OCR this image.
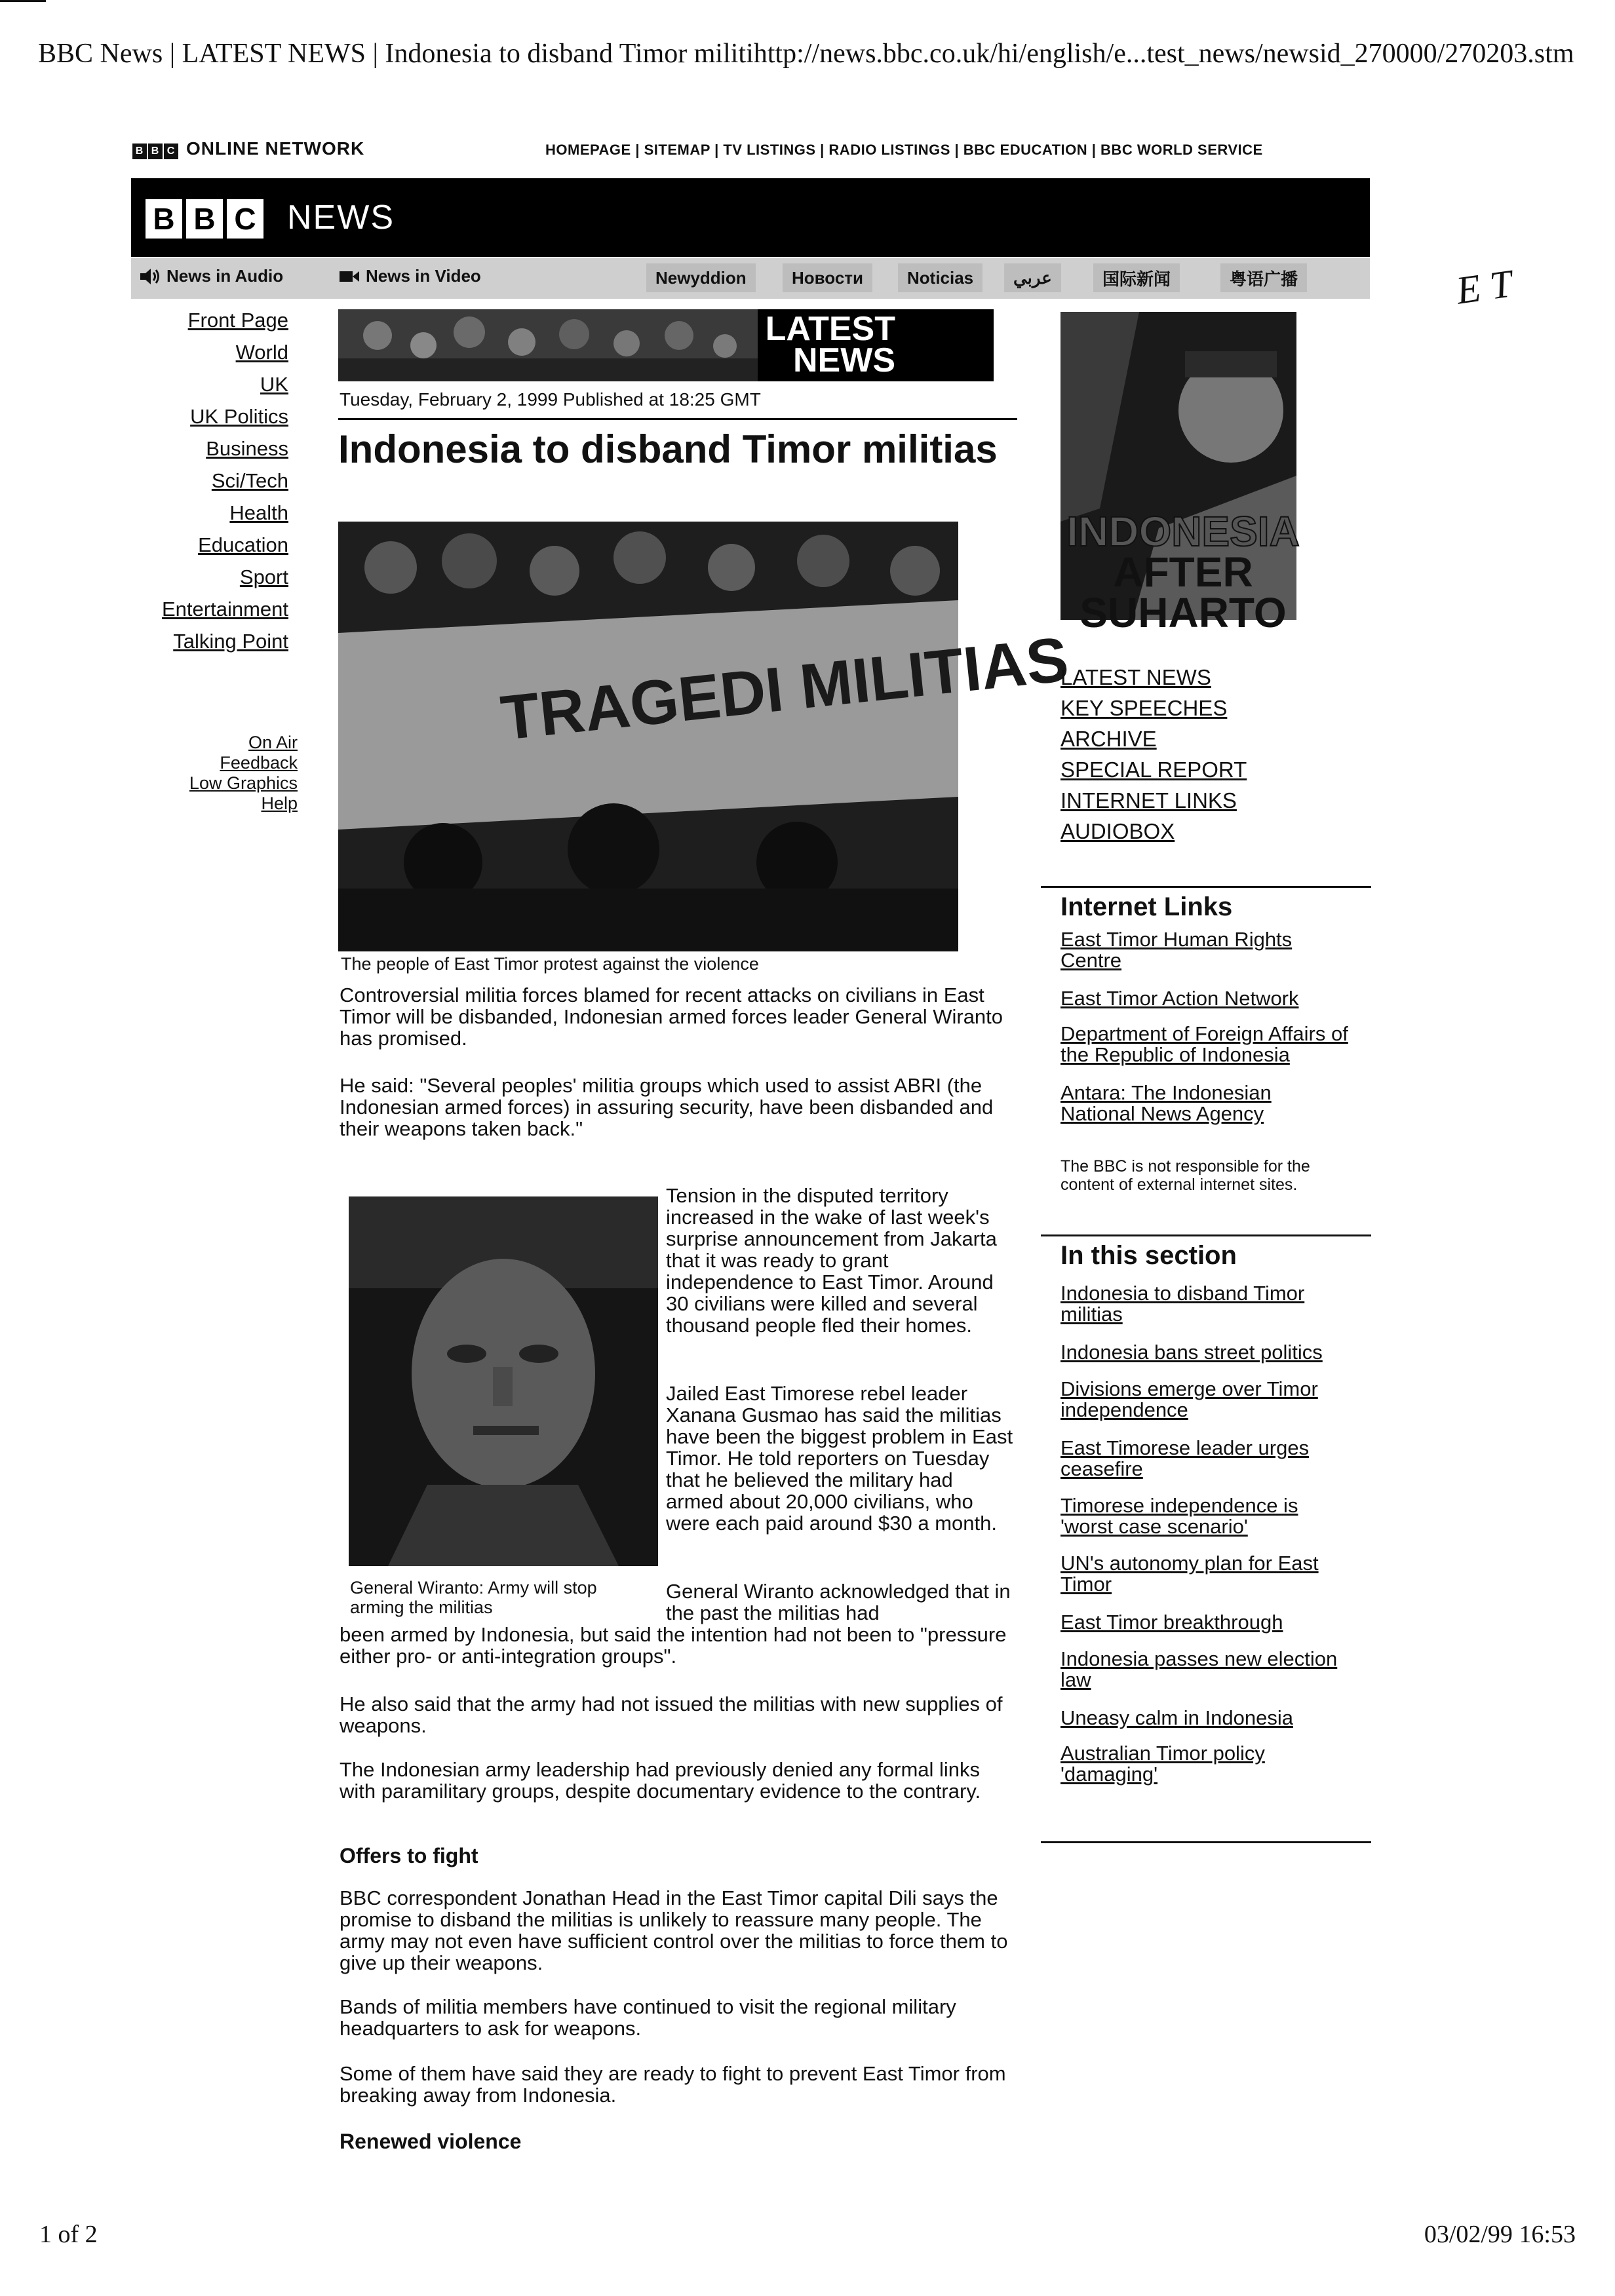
BBC News | LATEST NEWS | Indonesia to disband Timor militihttp://news.bbc.co.uk/hi/english/e...test_news/newsid_270000/270203.stm
E T
B B C ONLINE NETWORK	HOMEPAGE | SITEMAP | TV LISTINGS | RADIO LISTINGS | BBC EDUCATION | BBC WORLD SERVICE
B B C NEWS
News in Audio	News in Video	Newyddion	Новости	Noticias	عربي	国际新闻	粤语广播
Front Page
World
UK
UK Politics
Business
Sci/Tech
Health
Education
Sport
Entertainment
Talking Point
On Air
Feedback
Low Graphics
Help
LATEST
NEWS
Tuesday, February 2, 1999 Published at 18:25 GMT
Indonesia to disband Timor militias
TRAGEDI MILITIAS
The people of East Timor protest against the violence
Controversial militia forces blamed for recent attacks on civilians in East Timor will be disbanded, Indonesian armed forces leader General Wiranto has promised.
He said: "Several peoples' militia groups which used to assist ABRI (the Indonesian armed forces) in assuring security, have been disbanded and their weapons taken back."
General Wiranto: Army will stop arming the militias
Tension in the disputed territory increased in the wake of last week's surprise announcement from Jakarta that it was ready to grant independence to East Timor. Around 30 civilians were killed and several thousand people fled their homes.
Jailed East Timorese rebel leader Xanana Gusmao has said the militias have been the biggest problem in East Timor. He told reporters on Tuesday that he believed the military had armed about 20,000 civilians, who were each paid around $30 a month.
General Wiranto acknowledged that in the past the militias had
been armed by Indonesia, but said the intention had not been to "pressure either pro- or anti-integration groups".
He also said that the army had not issued the militias with new supplies of weapons.
The Indonesian army leadership had previously denied any formal links with paramilitary groups, despite documentary evidence to the contrary.
Offers to fight
BBC correspondent Jonathan Head in the East Timor capital Dili says the promise to disband the militias is unlikely to reassure many people. The army may not even have sufficient control over the militias to force them to give up their weapons.
Bands of militia members have continued to visit the regional military headquarters to ask for weapons.
Some of them have said they are ready to fight to prevent East Timor from breaking away from Indonesia.
Renewed violence
INDONESIA
AFTER
SUHARTO
LATEST NEWS
KEY SPEECHES
ARCHIVE
SPECIAL REPORT
INTERNET LINKS
AUDIOBOX
Internet Links
East Timor Human Rights Centre
East Timor Action Network
Department of Foreign Affairs of the Republic of Indonesia
Antara: The Indonesian National News Agency
The BBC is not responsible for the content of external internet sites.
In this section
Indonesia to disband Timor militias
Indonesia bans street politics
Divisions emerge over Timor independence
East Timorese leader urges ceasefire
Timorese independence is 'worst case scenario'
UN's autonomy plan for East Timor
East Timor breakthrough
Indonesia passes new election law
Uneasy calm in Indonesia
Australian Timor policy 'damaging'
1 of 2	03/02/99 16:53
